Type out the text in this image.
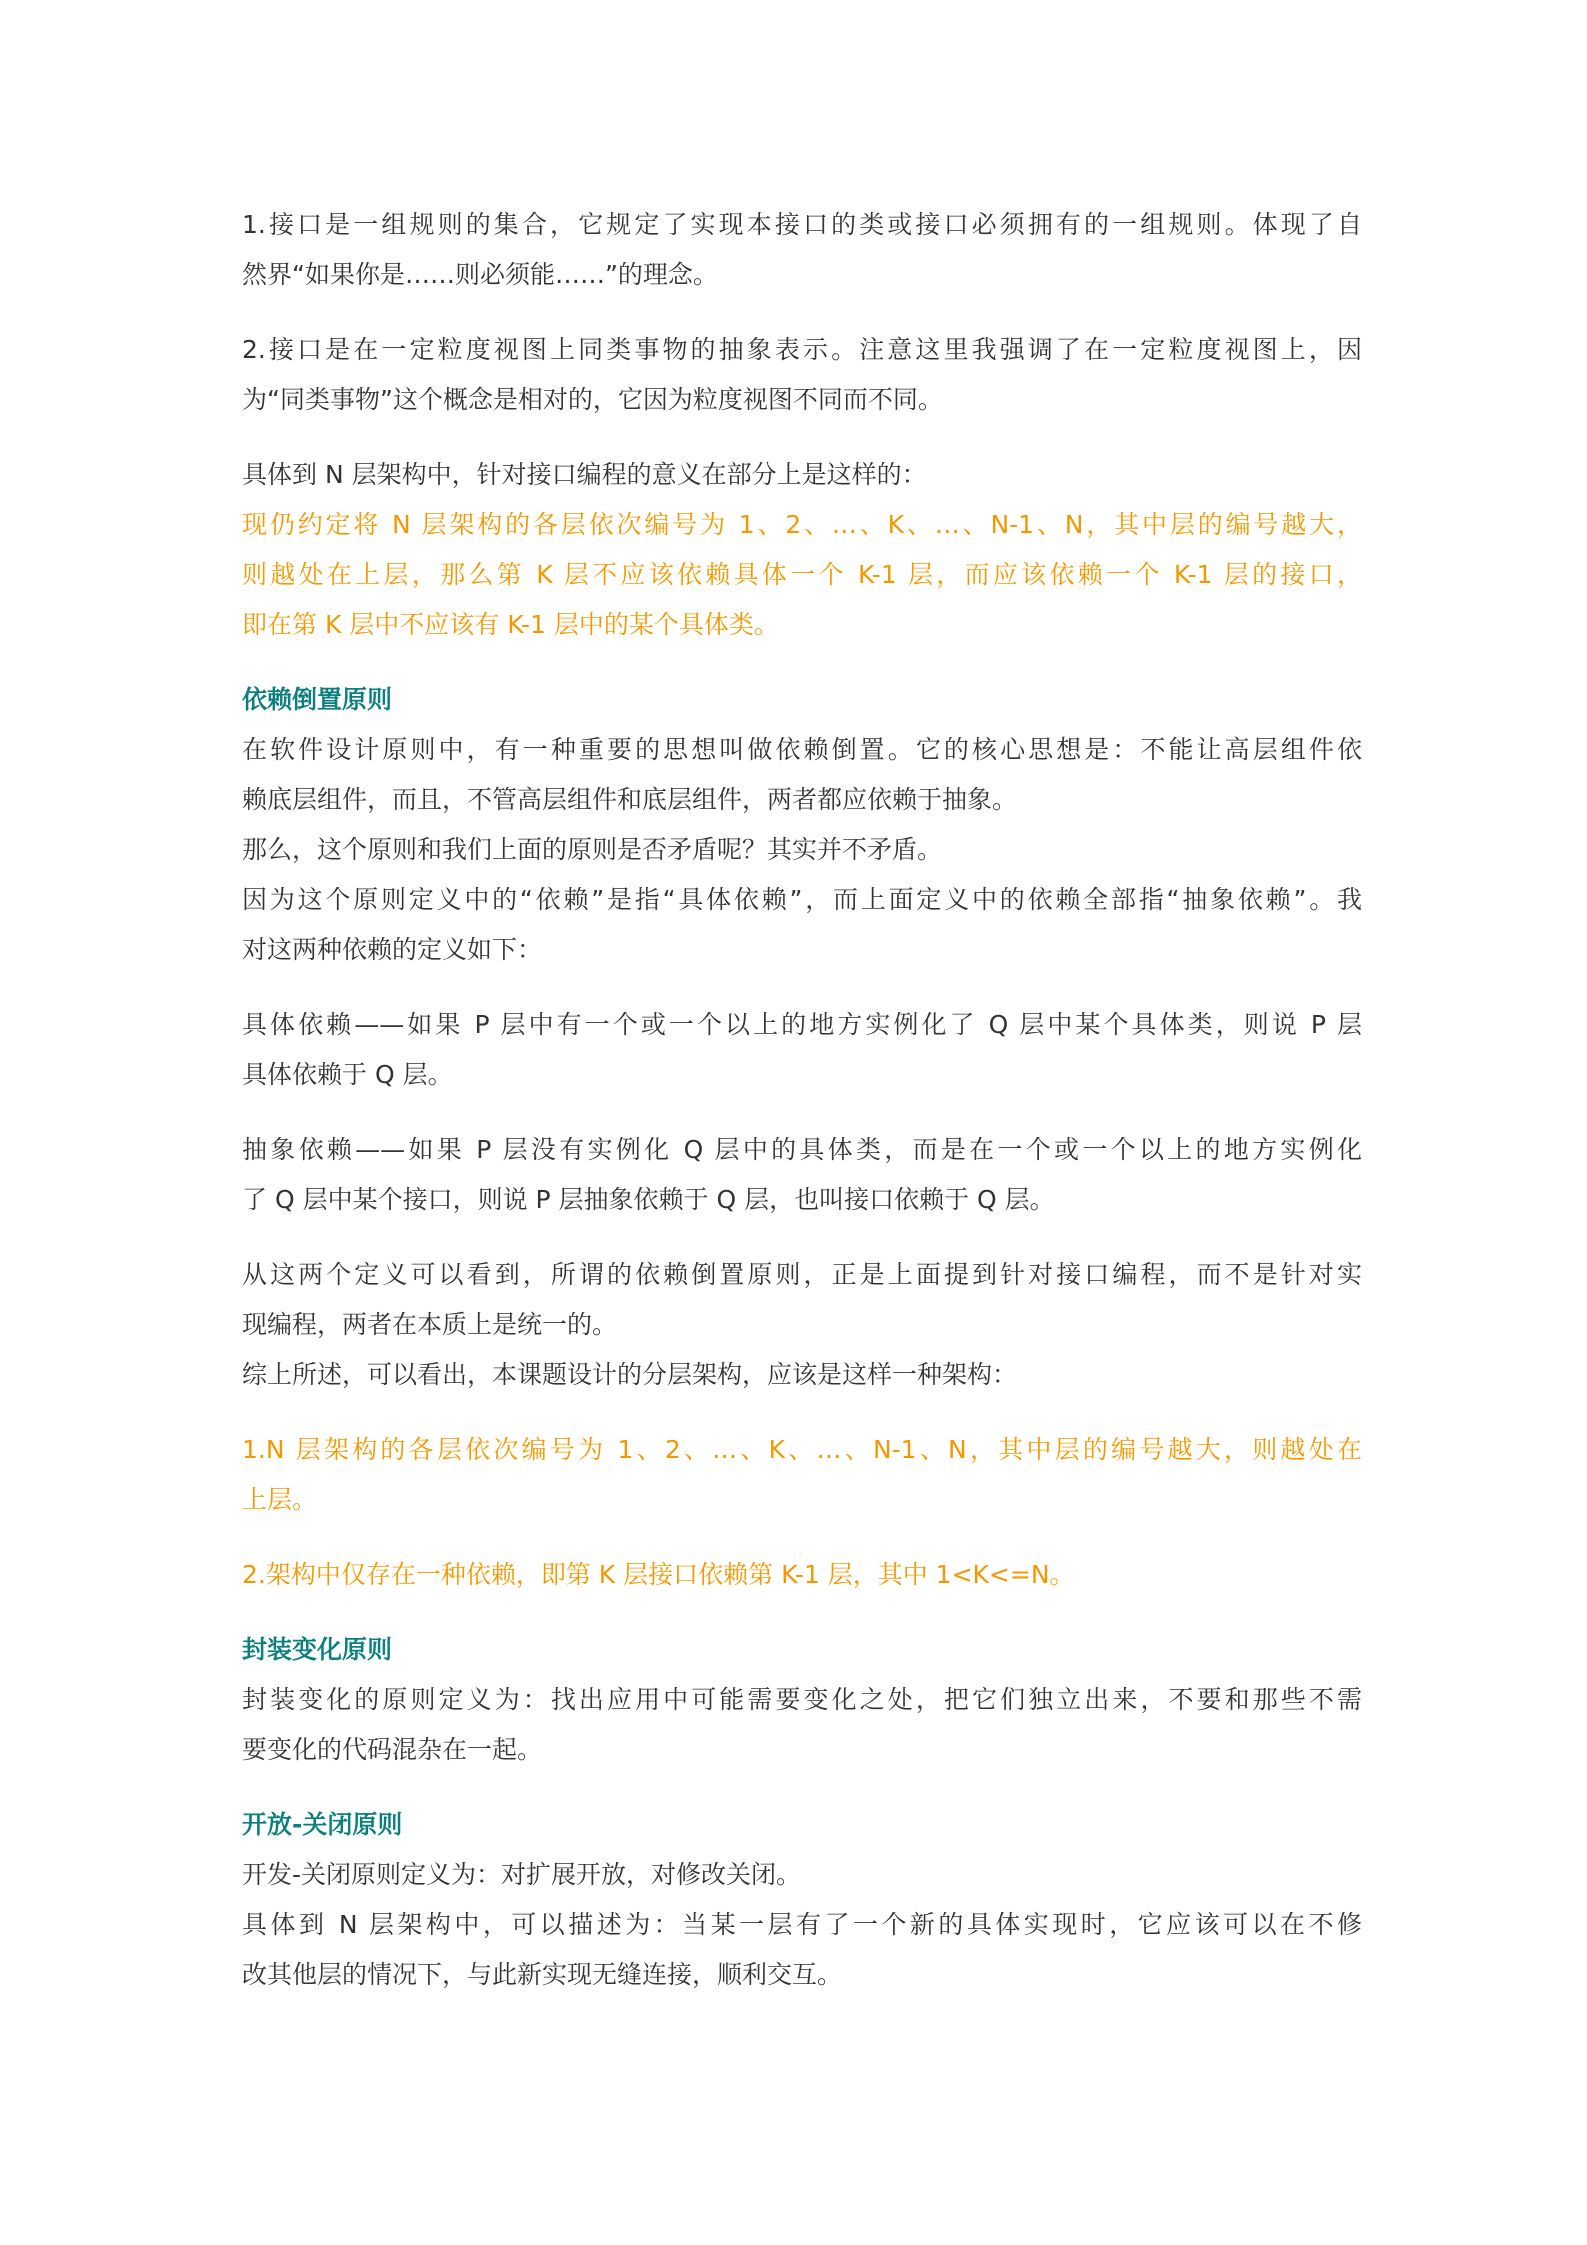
1.接口是一组规则的集合，它规定了实现本接口的类或接口必须拥有的一组规则。体现了自
然界“如果你是……则必须能……”的理念。
2.接口是在一定粒度视图上同类事物的抽象表示。注意这里我强调了在一定粒度视图上，因
为“同类事物”这个概念是相对的，它因为粒度视图不同而不同。
具体到 N 层架构中，针对接口编程的意义在部分上是这样的：
现仍约定将 N 层架构的各层依次编号为 1、2、…、K、…、N-1、N，其中层的编号越大，
则越处在上层，那么第 K 层不应该依赖具体一个 K-1 层，而应该依赖一个 K-1 层的接口，
即在第 K 层中不应该有 K-1 层中的某个具体类。
依赖倒置原则
在软件设计原则中，有一种重要的思想叫做依赖倒置。它的核心思想是：不能让高层组件依
赖底层组件，而且，不管高层组件和底层组件，两者都应依赖于抽象。
那么，这个原则和我们上面的原则是否矛盾呢？其实并不矛盾。
因为这个原则定义中的“依赖”是指“具体依赖”，而上面定义中的依赖全部指“抽象依赖”。我
对这两种依赖的定义如下：
具体依赖——如果 P 层中有一个或一个以上的地方实例化了 Q 层中某个具体类，则说 P 层
具体依赖于 Q 层。
抽象依赖——如果 P 层没有实例化 Q 层中的具体类，而是在一个或一个以上的地方实例化
了 Q 层中某个接口，则说 P 层抽象依赖于 Q 层，也叫接口依赖于 Q 层。
从这两个定义可以看到，所谓的依赖倒置原则，正是上面提到针对接口编程，而不是针对实
现编程，两者在本质上是统一的。
综上所述，可以看出，本课题设计的分层架构，应该是这样一种架构：
1.N 层架构的各层依次编号为 1、2、…、K、…、N-1、N，其中层的编号越大，则越处在
上层。
2.架构中仅存在一种依赖，即第 K 层接口依赖第 K-1 层，其中 1<K<=N。
封装变化原则
封装变化的原则定义为：找出应用中可能需要变化之处，把它们独立出来，不要和那些不需
要变化的代码混杂在一起。
开放-关闭原则
开发-关闭原则定义为：对扩展开放，对修改关闭。
具体到 N 层架构中，可以描述为：当某一层有了一个新的具体实现时，它应该可以在不修
改其他层的情况下，与此新实现无缝连接，顺利交互。
